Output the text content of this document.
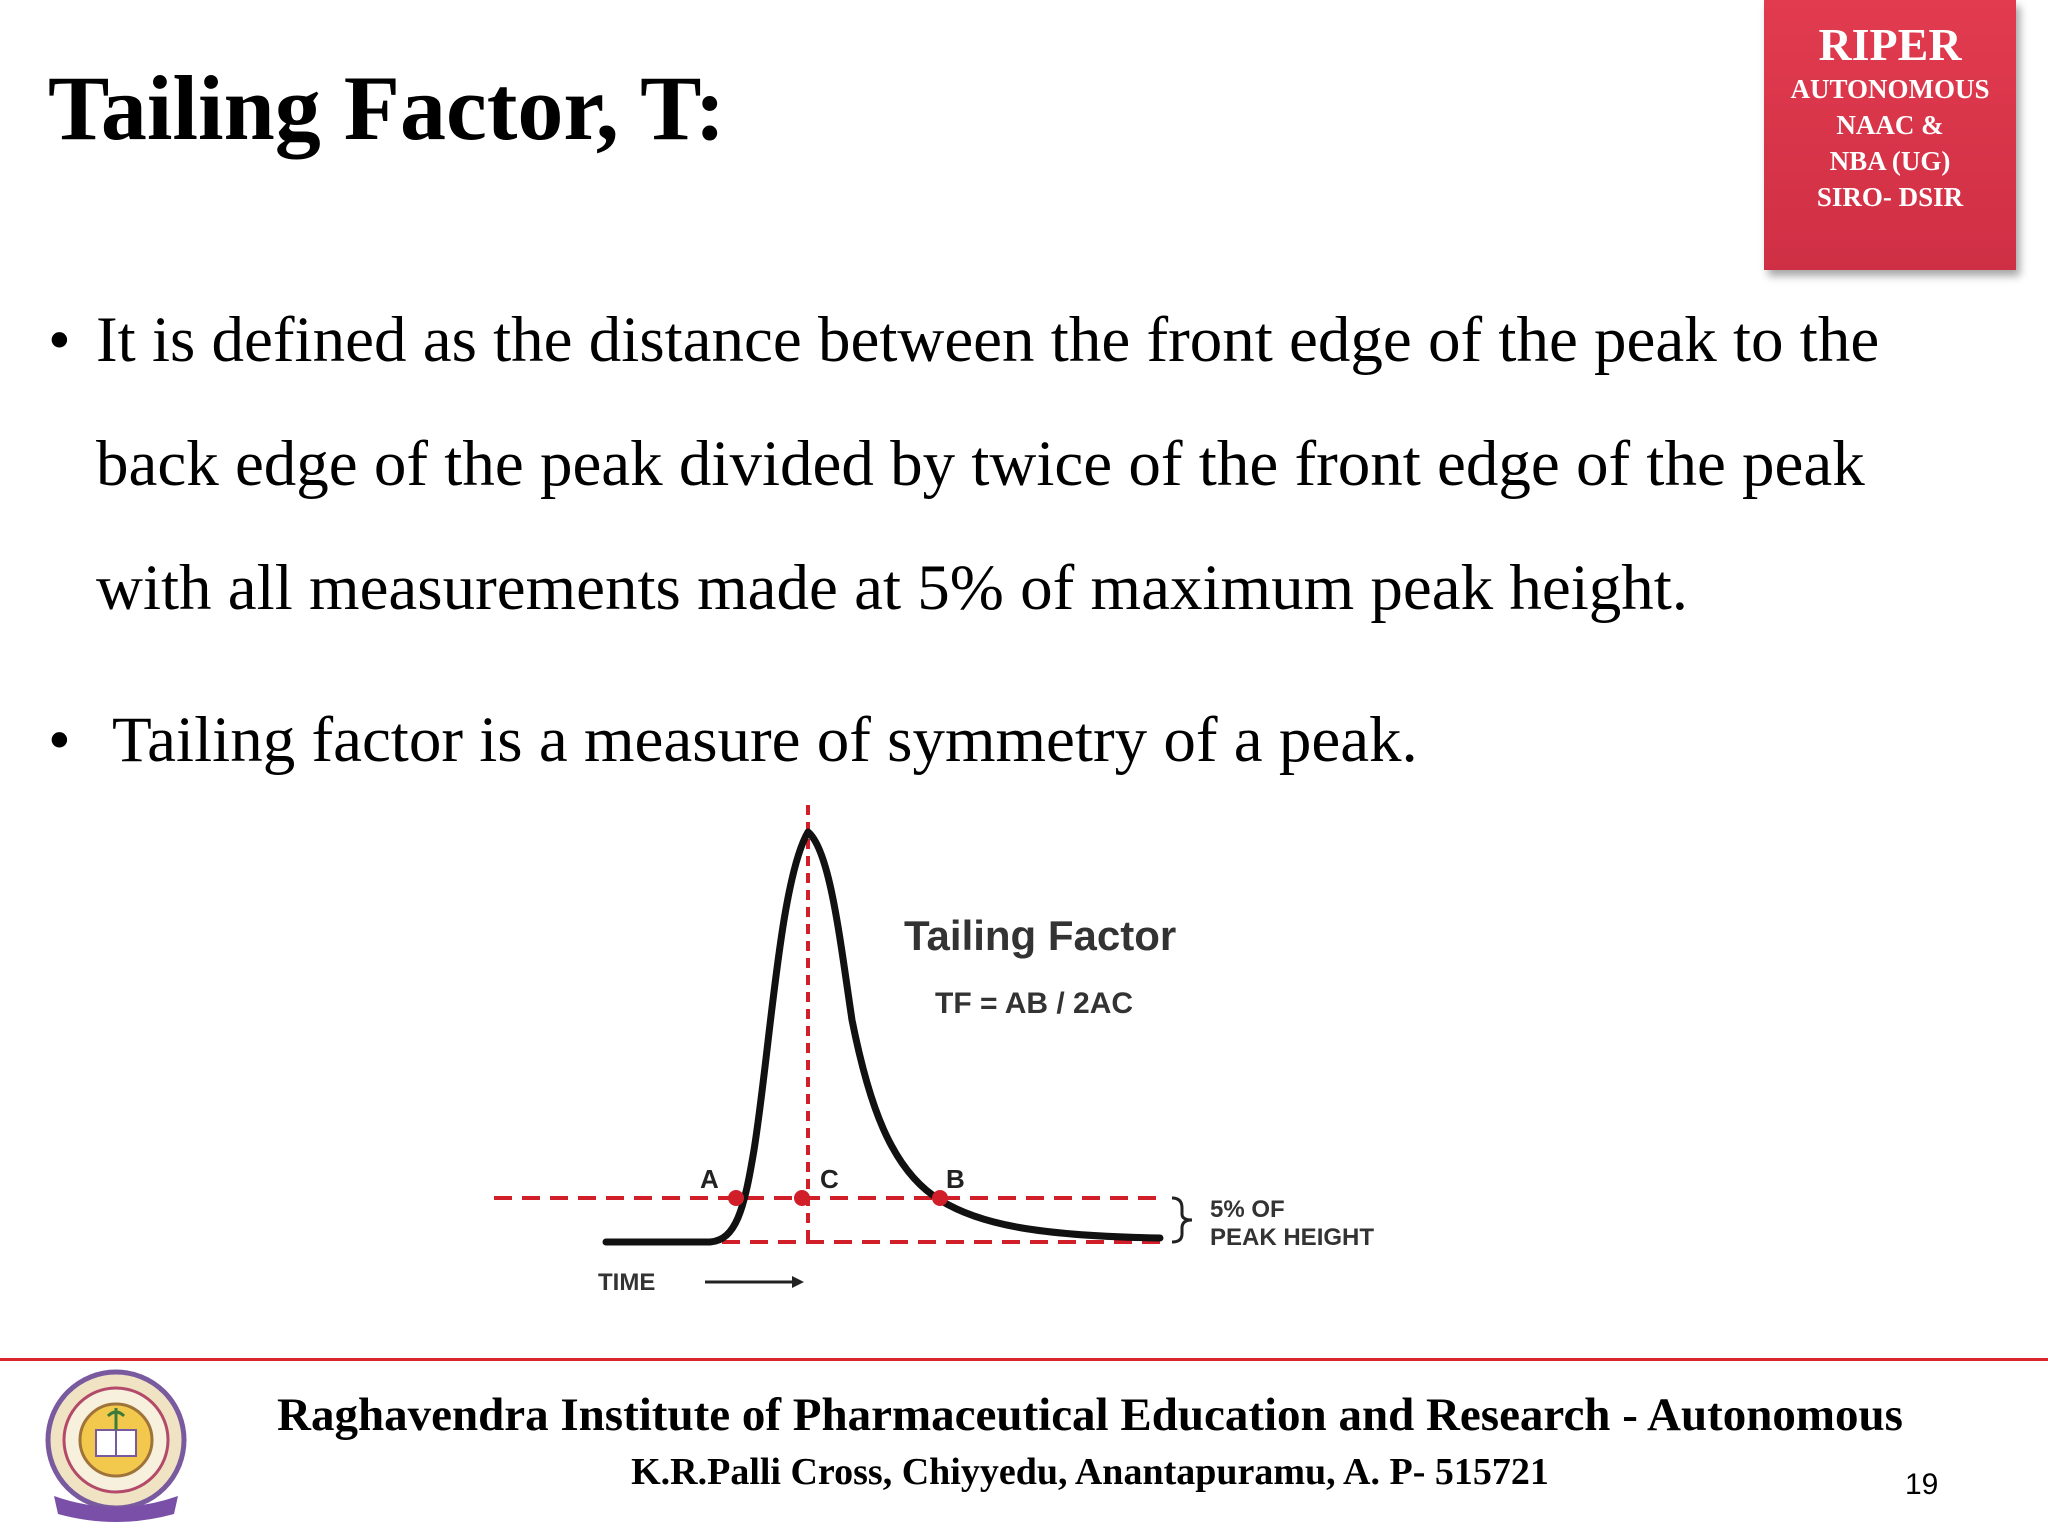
Tailing Factor, T:
RIPER
AUTONOMOUS
NAAC &
NBA (UG)
SIRO- DSIR
• It is defined as the distance between the front edge of the peak to the
back edge of the peak divided by twice of the front edge of the peak
with all measurements made at 5% of maximum peak height.
• Tailing factor is a measure of symmetry of a peak.
A	C	B
Tailing Factor
TF = AB / 2AC
5% OF
PEAK HEIGHT
TIME
Raghavendra Institute of Pharmaceutical Education and Research - Autonomous
K.R.Palli Cross, Chiyyedu, Anantapuramu, A. P- 515721	19
